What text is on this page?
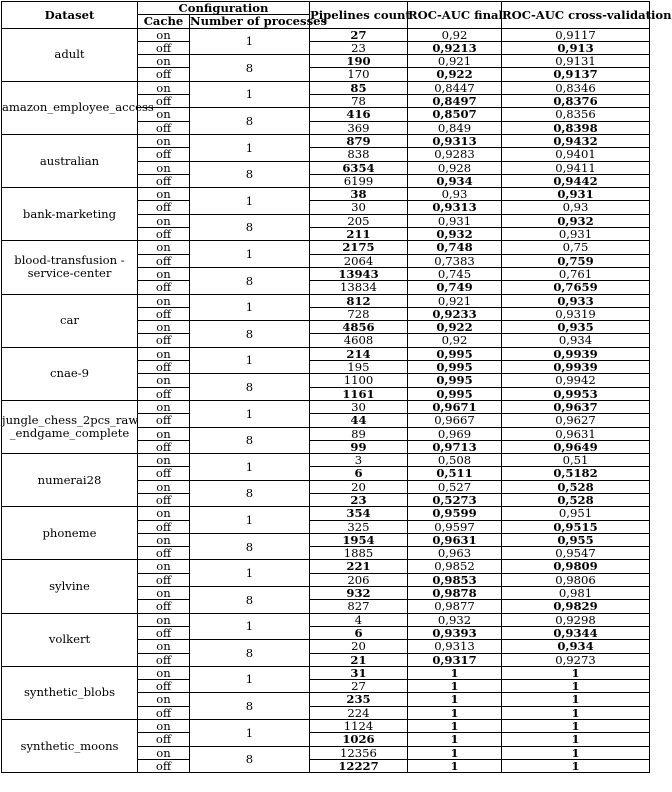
Dataset	Configuration		Pipelines count	ROC-AUC final	ROC-AUC cross-validation
	Cache	Number of processes			
adult	on	1	27	0,92	0,9117
	off		23	0,9213	0,913
	on	8	190	0,921	0,9131
	off		170	0,922	0,9137
amazon_employee_access	on	1	85	0,8447	0,8346
	off		78	0,8497	0,8376
	on	8	416	0,8507	0,8356
	off		369	0,849	0,8398
australian	on	1	879	0,9313	0,9432
	off		838	0,9283	0,9401
	on	8	6354	0,928	0,9411
	off		6199	0,934	0,9442
bank-marketing	on	1	38	0,93	0,931
	off		30	0,9313	0,93
	on	8	205	0,931	0,932
	off		211	0,932	0,931
blood-transfusion -service-center	on	1	2175	0,748	0,75
	off		2064	0,7383	0,759
	on	8	13943	0,745	0,761
	off		13834	0,749	0,7659
car	on	1	812	0,921	0,933
	off		728	0,9233	0,9319
	on	8	4856	0,922	0,935
	off		4608	0,92	0,934
cnae-9	on	1	214	0,995	0,9939
	off		195	0,995	0,9939
	on	8	1100	0,995	0,9942
	off		1161	0,995	0,9953
jungle_chess_2pcs_raw _endgame_complete	on	1	30	0,9671	0,9637
	off		44	0,9667	0,9627
	on	8	89	0,969	0,9631
	off		99	0,9713	0,9649
numerai28	on	1	3	0,508	0,51
	off		6	0,511	0,5182
	on	8	20	0,527	0,528
	off		23	0,5273	0,528
phoneme	on	1	354	0,9599	0,951
	off		325	0,9597	0,9515
	on	8	1954	0,9631	0,955
	off		1885	0,963	0,9547
sylvine	on	1	221	0,9852	0,9809
	off		206	0,9853	0,9806
	on	8	932	0,9878	0,981
	off		827	0,9877	0,9829
volkert	on	1	4	0,932	0,9298
	off		6	0,9393	0,9344
	on	8	20	0,9313	0,934
	off		21	0,9317	0,9273
synthetic_blobs	on	1	31	1	1
	off		27	1	1
	on	8	235	1	1
	off		224	1	1
synthetic_moons	on	1	1124	1	1
	off		1026	1	1
	on	8	12356	1	1
	off		12227	1	1
